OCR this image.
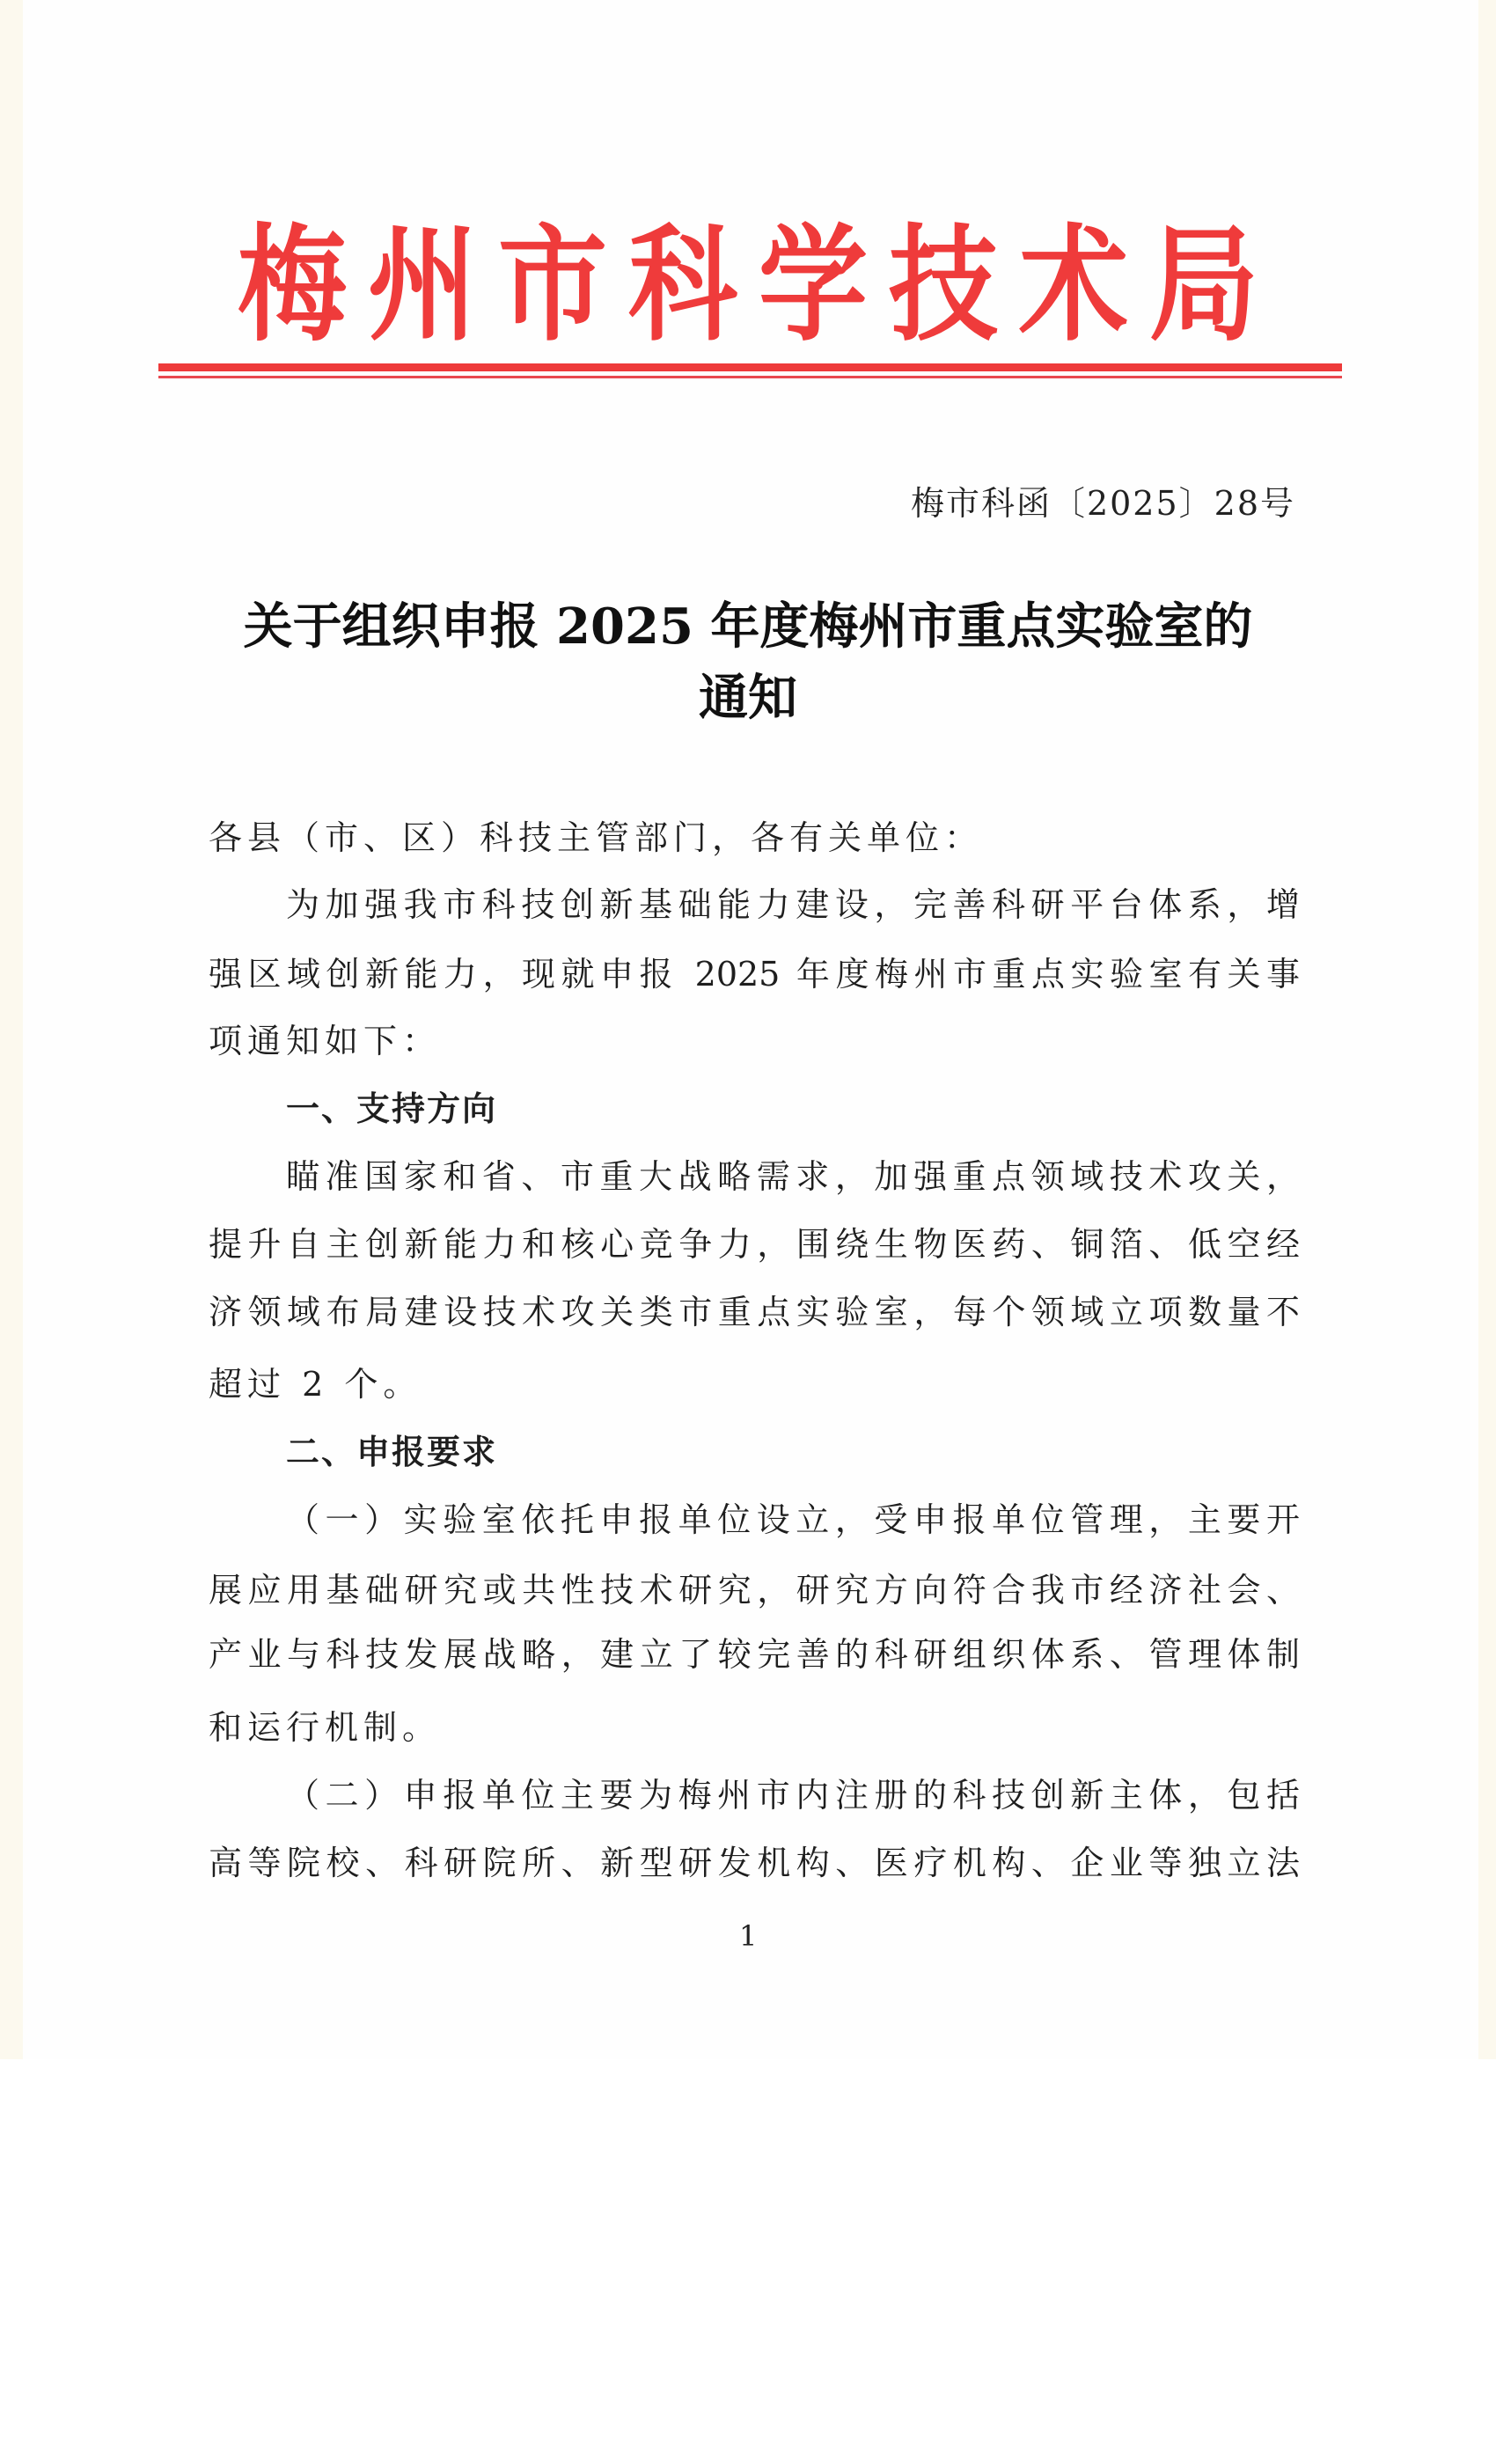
梅 州 市 科 学 技 术 局
梅市科函〔2025〕28号
关于组织申报 2025 年度梅州市重点实验室的
通知
各县（市、区）科技主管部门，各有关单位：
为加强我市科技创新基础能力建设，完善科研平台体系，增
强区域创新能力，现就申报 2025 年度梅州市重点实验室有关事
项通知如下：
一、支持方向
瞄准国家和省、市重大战略需求，加强重点领域技术攻关，
提升自主创新能力和核心竞争力，围绕生物医药、铜箔、低空经
济领域布局建设技术攻关类市重点实验室，每个领域立项数量不
超过 2 个。
二、申报要求
（一）实验室依托申报单位设立，受申报单位管理，主要开
展应用基础研究或共性技术研究，研究方向符合我市经济社会、
产业与科技发展战略，建立了较完善的科研组织体系、管理体制
和运行机制。
（二）申报单位主要为梅州市内注册的科技创新主体，包括
高等院校、科研院所、新型研发机构、医疗机构、企业等独立法
1
